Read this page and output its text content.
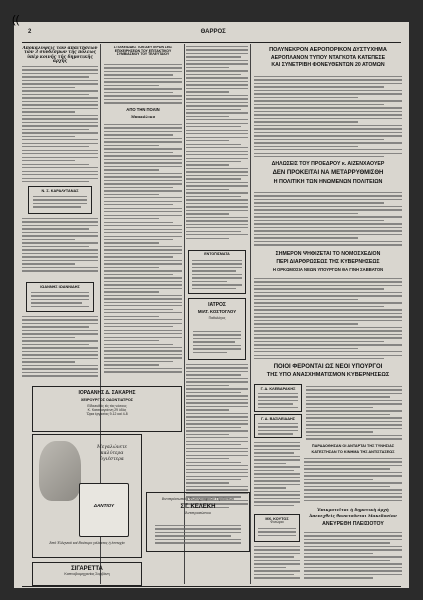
2	ΘΑΡΡΟΣ
Ἀποκαλύψεις τῶν ἀπαιτήσεων τῶν 3 συνδέσμων τῆς πόλεως ὑπὲρ κοινῆς τῆς δημοτικῆς ἀρχῆς
Ν. Σ. ΚΑΡΑΛΥΤΑΝΑΣ
ΙΩΑΝΝΗΣ ΙΩΑΝΝΙΔΗΣ
ΣΤΟΙΧΕΙΩΔΕΣ ΤΩΝ ΔΕΥΤΕΡΩΝ ΣΕΙΣ ΕΠΙΧΕΙΡΗΣΕΩΝ ΤΟΥ ΕΠΙΤΑΚΤΙΚΟΥ ΣΥΜΒΙΑΣΜΟΥ ΤΟΥ ΤΕΛΕΥΤΑΙΟΥ
ΑΠΟ ΤΗΝ ΠΟΛΙΝ
Μπακάλικο
ΙΟΡΔΑΝΗΣ Δ. ΣΑΚΑΡΗΣ
ΧΕΙΡΟΥΡΓΟΣ ΟΔΟΝΤΙΑΤΡΟΣ
Εἰδικευθεὶς εἰς τὰς νόσους
Κ. Κατσικογιάννη 29 ὁδὸς
Ὥραι ἐργασίας 9-12 καὶ 4-8
Μεγαλώνετε
καλύτερα
ὑγιέστερα
ΔΑΝΤΙΟΥ
Ἀπὸ Ἑλληνικὸ καὶ Βούτυρο γάλακτος ἡ ἐπιτυχία
ΣΙΓΑΡΕΤΤΑ
Καπνοβιομηχανίας Σαρβάνη
ΕΝΤΟΠΙΣΜΑΤΑ
ΙΑΤΡΟΣ
ΜΙΛΤ. ΚΟΣΤΟΓΛΟΥ
Παθολόγος
Ἀντιπρόσωπεία Φωτογραφικῶν Προϊόντων
ΣΤ. ΚΕΛΕΚΗ
Ἀντιπροσώπου
ΠΟΛΥΝΕΚΡΟΝ ΑΕΡΟΠΟΡΙΚΟΝ ΔΥΣΤΥΧΗΜΑ
ΑΕΡΟΠΛΑΝΟΝ ΤΥΠΟΥ ΝΤΑΓΚΟΤΑ ΚΑΤΕΠΕΣΕ
ΚΑΙ ΣΥΝΕΤΡΙΒΗ ΦΟΝΕΥΘΕΝΤΩΝ 20 ΑΤΟΜΩΝ
ΔΗΛΩΣΕΙΣ ΤΟΥ ΠΡΟΕΔΡΟΥ κ. ΑΙΖΕΝΧΑΟΥΕΡ
ΔΕΝ ΠΡΟΚΕΙΤΑΙ ΝΑ ΜΕΤΑΡΡΥΘΜΙΣΘΗ
Η ΠΟΛΙΤΙΚΗ ΤΩΝ ΗΝΩΜΕΝΩΝ ΠΟΛΙΤΕΙΩΝ
ΣΗΜΕΡΟΝ ΨΗΦΙΖΕΤΑΙ ΤΟ ΝΟΜΟΣΧΕΔΙΟΝ
ΠΕΡΙ ΔΙΑΡΘΡΩΣΕΩΣ ΤΗΣ ΚΥΒΕΡΝΗΣΕΩΣ
Η ΟΡΚΩΜΟΣΙΑ ΝΕΩΝ ΥΠΟΥΡΓΩΝ ΘΑ ΓΙΝΗ ΣΑΒΒΑΤΟΝ
ΠΟΙΟΙ ΦΕΡΟΝΤΑΙ ΩΣ ΝΕΟΙ ΥΠΟΥΡΓΟΙ
ΤΗΣ ΥΠΟ ΑΝΑΣΧΗΜΑΤΙΣΜΟΝ ΚΥΒΕΡΝΗΣΕΩΣ
Γ. Δ. ΚΛΕΒΑΡΑΚΗΣ
Γ. Δ. ΒΑΣΙΛΕΙΑΔΗΣ
ΠΑΡΑΔΟΘΗΣΑΝ ΟΙ ΑΝΤΑΡΤΑΙ ΤΗΣ ΤΥΝΗΣΙΑΣ
ΚΑΤΕΣΤΗΣΑΝ ΤΟ ΚΙΝΗΜΑ ΤΗΣ ΑΝΤΙΣΤΑΣΕΩΣ
Ἐπικροτεῖται ἡ δημοτικὴ ἀρχὴ
Ἀπενεχθεὶς θανατοῦνται Μακεδονίαν
ΑΝΕΥΡΕΘΗ ΠΛΕΙΣΙΟΤΟΥ
ΜΧ. ΚΟΥΤΟΣ
Φυτώρια
((
